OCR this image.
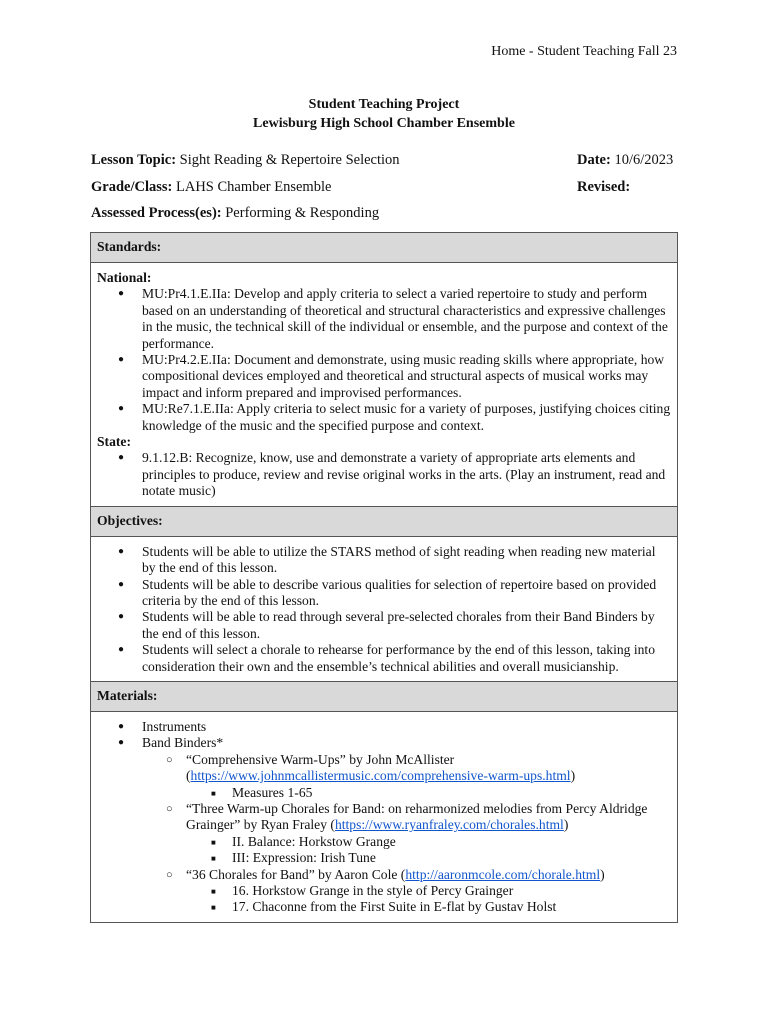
Home - Student Teaching Fall 23
Student Teaching Project
Lewisburg High School Chamber Ensemble
Lesson Topic: Sight Reading & Repertoire Selection	Date: 10/6/2023
Grade/Class: LAHS Chamber Ensemble	Revised:
Assessed Process(es): Performing & Responding
Standards:

National:
● MU:Pr4.1.E.IIa: Develop and apply criteria to select a varied repertoire to study and perform based on an understanding of theoretical and structural characteristics and expressive challenges in the music, the technical skill of the individual or ensemble, and the purpose and context of the performance.
● MU:Pr4.2.E.IIa: Document and demonstrate, using music reading skills where appropriate, how compositional devices employed and theoretical and structural aspects of musical works may impact and inform prepared and improvised performances.
● MU:Re7.1.E.IIa: Apply criteria to select music for a variety of purposes, justifying choices citing knowledge of the music and the specified purpose and context.
State:
● 9.1.12.B: Recognize, know, use and demonstrate a variety of appropriate arts elements and principles to produce, review and revise original works in the arts. (Play an instrument, read and notate music)

Objectives:

● Students will be able to utilize the STARS method of sight reading when reading new material by the end of this lesson.
● Students will be able to describe various qualities for selection of repertoire based on provided criteria by the end of this lesson.
● Students will be able to read through several pre-selected chorales from their Band Binders by the end of this lesson.
● Students will select a chorale to rehearse for performance by the end of this lesson, taking into consideration their own and the ensemble’s technical abilities and overall musicianship.

Materials:

● Instruments
● Band Binders*
○ “Comprehensive Warm-Ups” by John McAllister (https://www.johnmcallistermusic.com/comprehensive-warm-ups.html)
■ Measures 1-65
○ “Three Warm-up Chorales for Band: on reharmonized melodies from Percy Aldridge Grainger” by Ryan Fraley (https://www.ryanfraley.com/chorales.html)
■ II. Balance: Horkstow Grange
■ III: Expression: Irish Tune
○ “36 Chorales for Band” by Aaron Cole (http://aaronmcole.com/chorale.html)
■ 16. Horkstow Grange in the style of Percy Grainger
■ 17. Chaconne from the First Suite in E-flat by Gustav Holst
